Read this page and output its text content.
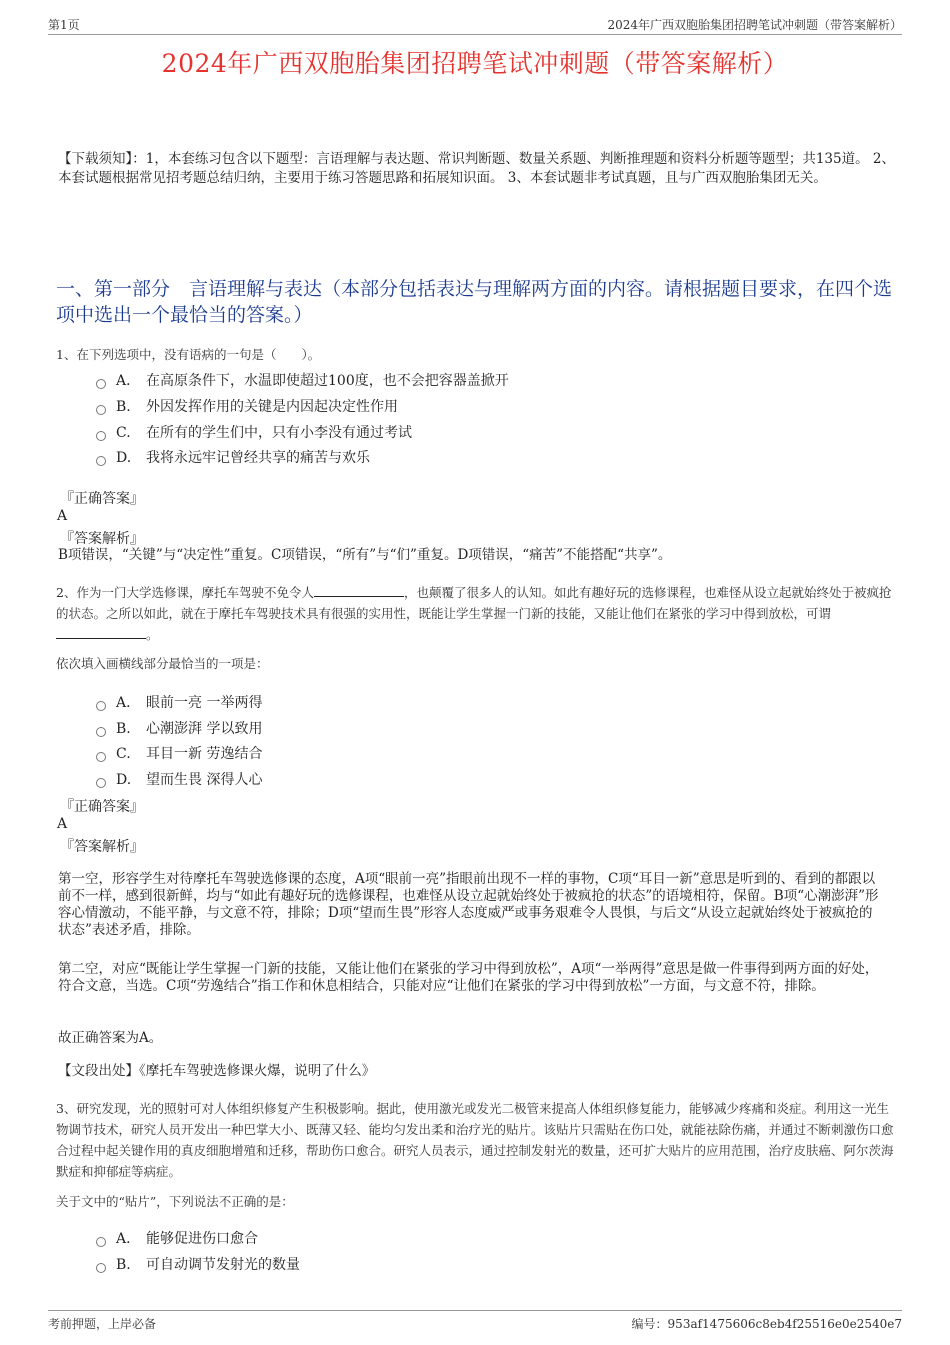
第1页	2024年广西双胞胎集团招聘笔试冲刺题（带答案解析）
2024年广西双胞胎集团招聘笔试冲刺题（带答案解析）
【下载须知】：1，本套练习包含以下题型：言语理解与表达题、常识判断题、数量关系题、判断推理题和资料分析题等题型；共135道。 2、本套试题根据常见招考题总结归纳，主要用于练习答题思路和拓展知识面。 3、本套试题非考试真题，且与广西双胞胎集团无关。
一、第一部分　言语理解与表达（本部分包括表达与理解两方面的内容。请根据题目要求，在四个选项中选出一个最恰当的答案。）
1、在下列选项中，没有语病的一句是（　　）。
A． 在高原条件下，水温即使超过100度，也不会把容器盖掀开
B. 外因发挥作用的关键是内因起决定性作用
C. 在所有的学生们中，只有小李没有通过考试
D. 我将永远牢记曾经共享的痛苦与欢乐
『正确答案』
A
『答案解析』
B项错误，“关键”与“决定性”重复。C项错误，“所有”与“们”重复。D项错误，“痛苦”不能搭配“共享”。
2、作为一门大学选修课，摩托车驾驶不免令人	，也颠覆了很多人的认知。如此有趣好玩的选修课程，也难怪从设立起就始终处于被疯抢的状态。之所以如此，就在于摩托车驾驶技术具有很强的实用性，既能让学生掌握一门新的技能，又能让他们在紧张的学习中得到放松，可谓。
依次填入画横线部分最恰当的一项是：
A． 眼前一亮 一举两得
B. 心潮澎湃 学以致用
C. 耳目一新 劳逸结合
D. 望而生畏 深得人心
『正确答案』
A
『答案解析』
第一空，形容学生对待摩托车驾驶选修课的态度，A项“眼前一亮”指眼前出现不一样的事物，C项“耳目一新”意思是听到的、看到的都跟以前不一样，感到很新鲜，均与“如此有趣好玩的选修课程，也难怪从设立起就始终处于被疯抢的状态”的语境相符，保留。B项“心潮澎湃”形容心情激动，不能平静，与文意不符，排除；D项“望而生畏”形容人态度威严或事务艰难令人畏惧，与后文“从设立起就始终处于被疯抢的状态”表述矛盾，排除。
第二空，对应“既能让学生掌握一门新的技能，又能让他们在紧张的学习中得到放松”，A项“一举两得”意思是做一件事得到两方面的好处，符合文意，当选。C项“劳逸结合”指工作和休息相结合，只能对应“让他们在紧张的学习中得到放松”一方面，与文意不符，排除。
故正确答案为A。
【文段出处】《摩托车驾驶选修课火爆，说明了什么》
3、研究发现，光的照射可对人体组织修复产生积极影响。据此，使用激光或发光二极管来提高人体组织修复能力，能够减少疼痛和炎症。利用这一光生物调节技术，研究人员开发出一种巴掌大小、既薄又轻、能均匀发出柔和治疗光的贴片。该贴片只需贴在伤口处，就能祛除伤痛，并通过不断刺激伤口愈合过程中起关键作用的真皮细胞增殖和迁移，帮助伤口愈合。研究人员表示，通过控制发射光的数量，还可扩大贴片的应用范围，治疗皮肤癌、阿尔茨海默症和抑郁症等病症。
关于文中的“贴片”，下列说法不正确的是：
A． 能够促进伤口愈合
B. 可自动调节发射光的数量
考前押题，上岸必备	编号：953af1475606c8eb4f25516e0e2540e7
